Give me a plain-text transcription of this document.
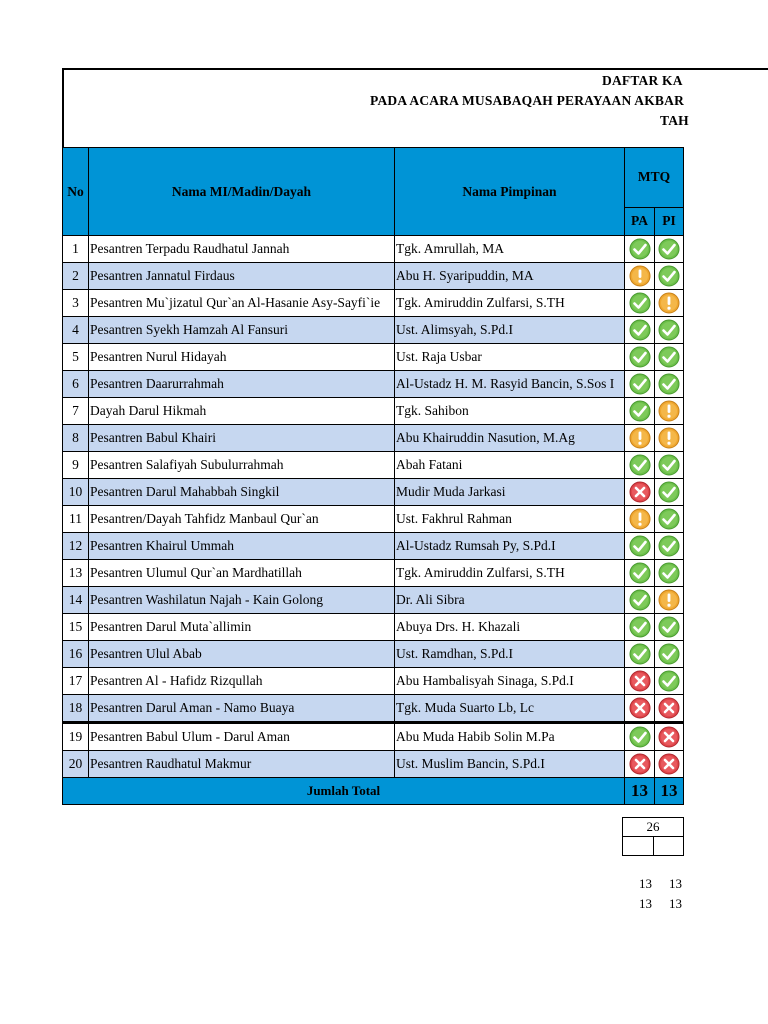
DAFTAR KA
PADA ACARA MUSABAQAH PERAYAAN AKBAR
TAH
No	Nama MI/Madin/Dayah	Nama Pimpinan	MTQ		
			PA	PI	
1	Pesantren Terpadu Raudhatul Jannah	Tgk. Amrullah, MA			
2	Pesantren Jannatul Firdaus	Abu H. Syaripuddin, MA			
3	Pesantren Mu`jizatul Qur`an Al-Hasanie Asy-Sayfi`ie	Tgk. Amiruddin Zulfarsi, S.TH			
4	Pesantren Syekh Hamzah Al Fansuri	Ust. Alimsyah, S.Pd.I			
5	Pesantren Nurul Hidayah	Ust. Raja Usbar			
6	Pesantren Daarurrahmah	Al-Ustadz H. M. Rasyid Bancin, S.Sos I			
7	Dayah Darul Hikmah	Tgk. Sahibon			
8	Pesantren Babul Khairi	Abu Khairuddin Nasution, M.Ag			
9	Pesantren Salafiyah Subulurrahmah	Abah Fatani			
10	Pesantren Darul Mahabbah Singkil	Mudir Muda Jarkasi			
11	Pesantren/Dayah Tahfidz Manbaul Qur`an	Ust. Fakhrul Rahman			
12	Pesantren Khairul Ummah	Al-Ustadz Rumsah Py, S.Pd.I			
13	Pesantren Ulumul Qur`an Mardhatillah	Tgk. Amiruddin Zulfarsi, S.TH			
14	Pesantren Washilatun Najah - Kain Golong	Dr. Ali Sibra			
15	Pesantren Darul Muta`allimin	Abuya Drs. H. Khazali			
16	Pesantren Ulul Abab	Ust. Ramdhan, S.Pd.I			
17	Pesantren Al - Hafidz Rizqullah	Abu Hambalisyah Sinaga, S.Pd.I			
18	Pesantren Darul Aman - Namo Buaya	Tgk. Muda Suarto Lb, Lc			
19	Pesantren Babul Ulum - Darul Aman	Abu Muda Habib Solin M.Pa			
20	Pesantren Raudhatul Makmur	Ust. Muslim Bancin, S.Pd.I			
Jumlah Total			13	13	
26
13 13
13 13
